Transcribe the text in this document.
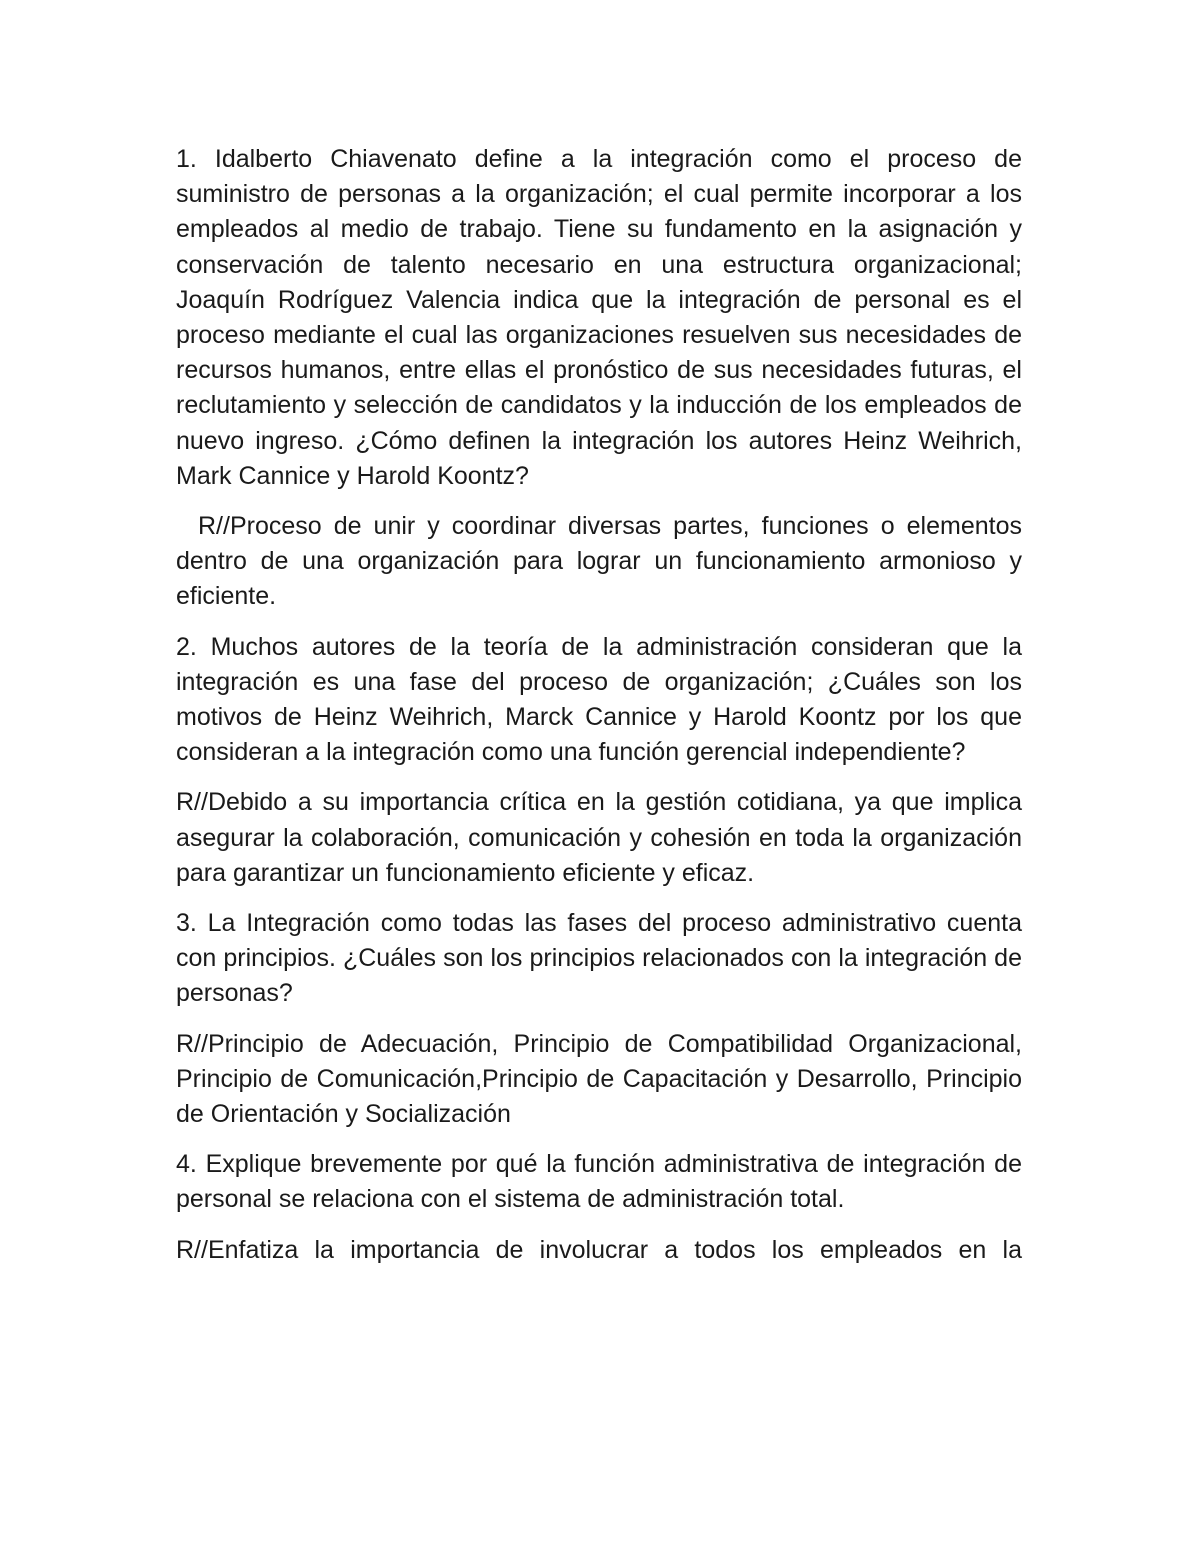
1. Idalberto Chiavenato define a la integración como el proceso de suministro de personas a la organización; el cual permite incorporar a los empleados al medio de trabajo. Tiene su fundamento en la asignación y conservación de talento necesario en una estructura organizacional; Joaquín Rodríguez Valencia indica que la integración de personal es el proceso mediante el cual las organizaciones resuelven sus necesidades de recursos humanos, entre ellas el pronóstico de sus necesidades futuras, el reclutamiento y selección de candidatos y la inducción de los empleados de nuevo ingreso. ¿Cómo definen la integración los autores Heinz Weihrich, Mark Cannice y Harold Koontz?

R//Proceso de unir y coordinar diversas partes, funciones o elementos dentro de una organización para lograr un funcionamiento armonioso y eficiente.

2. Muchos autores de la teoría de la administración consideran que la integración es una fase del proceso de organización; ¿Cuáles son los motivos de Heinz Weihrich, Marck Cannice y Harold Koontz por los que consideran a la integración como una función gerencial independiente?

R//Debido a su importancia crítica en la gestión cotidiana, ya que implica asegurar la colaboración, comunicación y cohesión en toda la organización para garantizar un funcionamiento eficiente y eficaz.

3. La Integración como todas las fases del proceso administrativo cuenta con principios. ¿Cuáles son los principios relacionados con la integración de personas?

R//Principio de Adecuación, Principio de Compatibilidad Organizacional, Principio de Comunicación,Principio de Capacitación y Desarrollo, Principio de Orientación y Socialización

4. Explique brevemente por qué la función administrativa de integración de personal se relaciona con el sistema de administración total.

R//Enfatiza la importancia de involucrar a todos los empleados en la
